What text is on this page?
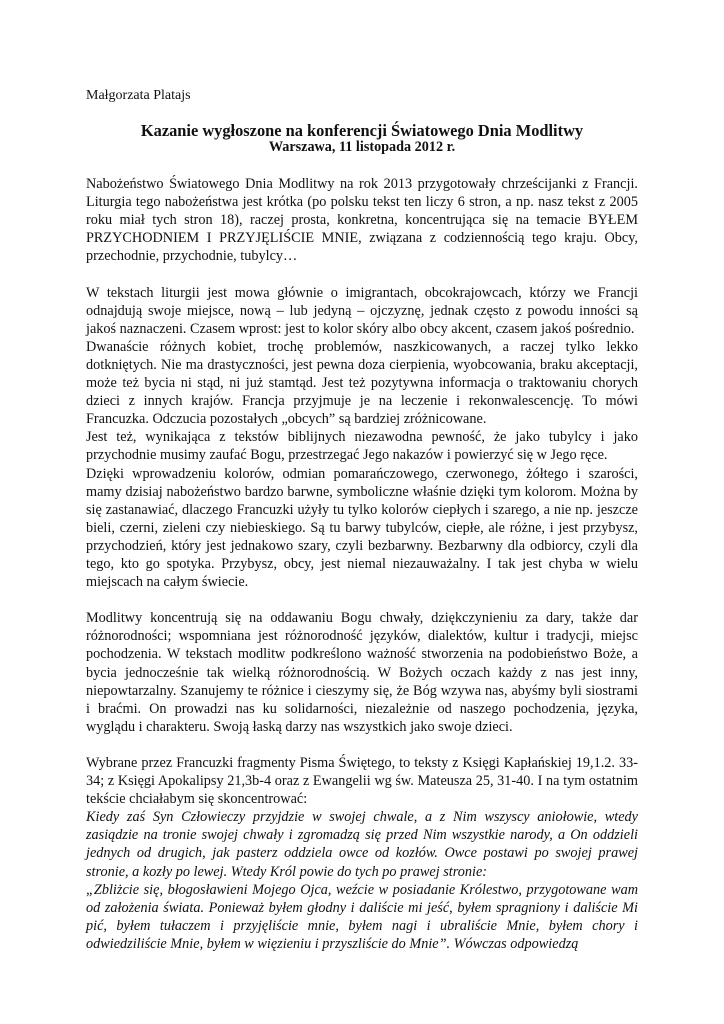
Małgorzata Platajs
Kazanie wygłoszone na konferencji Światowego Dnia Modlitwy
Warszawa, 11 listopada 2012 r.

Nabożeństwo Światowego Dnia Modlitwy na rok 2013 przygotowały chrześcijanki z Francji. Liturgia tego nabożeństwa jest krótka (po polsku tekst ten liczy 6 stron, a np. nasz tekst z 2005 roku miał tych stron 18), raczej prosta, konkretna, koncentrująca się na temacie BYŁEM PRZYCHODNIEM I PRZYJĘLIŚCIE MNIE, związana z codziennością tego kraju. Obcy, przechodnie, przychodnie, tubylcy…

W tekstach liturgii jest mowa głównie o imigrantach, obcokrajowcach, którzy we Francji odnajdują swoje miejsce, nową – lub jedyną – ojczyznę, jednak często z powodu inności są jakoś naznaczeni. Czasem wprost: jest to kolor skóry albo obcy akcent, czasem jakoś pośrednio.

Dwanaście różnych kobiet, trochę problemów, naszkicowanych, a raczej tylko lekko dotkniętych. Nie ma drastyczności, jest pewna doza cierpienia, wyobcowania, braku akceptacji, może też bycia ni stąd, ni już stamtąd. Jest też pozytywna informacja o traktowaniu chorych dzieci z innych krajów. Francja przyjmuje je na leczenie i rekonwalescencję. To mówi Francuzka. Odczucia pozostałych „obcych” są bardziej zróżnicowane.

Jest też, wynikająca z tekstów biblijnych niezawodna pewność, że jako tubylcy i jako przychodnie musimy zaufać Bogu, przestrzegać Jego nakazów i powierzyć się w Jego ręce.

Dzięki wprowadzeniu kolorów, odmian pomarańczowego, czerwonego, żółtego i szarości, mamy dzisiaj nabożeństwo bardzo barwne, symboliczne właśnie dzięki tym kolorom. Można by się zastanawiać, dlaczego Francuzki użyły tu tylko kolorów ciepłych i szarego, a nie np. jeszcze bieli, czerni, zieleni czy niebieskiego. Są tu barwy tubylców, ciepłe, ale różne, i jest przybysz, przychodzień, który jest jednakowo szary, czyli bezbarwny. Bezbarwny dla odbiorcy, czyli dla tego, kto go spotyka. Przybysz, obcy, jest niemal niezauważalny. I tak jest chyba w wielu miejscach na całym świecie.

Modlitwy koncentrują się na oddawaniu Bogu chwały, dziękczynieniu za dary, także dar różnorodności; wspomniana jest różnorodność języków, dialektów, kultur i tradycji, miejsc pochodzenia. W tekstach modlitw podkreślono ważność stworzenia na podobieństwo Boże, a bycia jednocześnie tak wielką różnorodnością. W Bożych oczach każdy z nas jest inny, niepowtarzalny. Szanujemy te różnice i cieszymy się, że Bóg wzywa nas, abyśmy byli siostrami i braćmi. On prowadzi nas ku solidarności, niezależnie od naszego pochodzenia, języka, wyglądu i charakteru. Swoją łaską darzy nas wszystkich jako swoje dzieci.

Wybrane przez Francuzki fragmenty Pisma Świętego, to teksty z Księgi Kapłańskiej 19,1.2. 33-34; z Księgi Apokalipsy 21,3b-4 oraz z Ewangelii wg św. Mateusza 25, 31-40. I na tym ostatnim tekście chciałabym się skoncentrować:

Kiedy zaś Syn Człowieczy przyjdzie w swojej chwale, a z Nim wszyscy aniołowie, wtedy zasiądzie na tronie swojej chwały i zgromadzą się przed Nim wszystkie narody, a On oddzieli jednych od drugich, jak pasterz oddziela owce od kozłów. Owce postawi po swojej prawej stronie, a kozły po lewej. Wtedy Król powie do tych po prawej stronie:

„Zbliżcie się, błogosławieni Mojego Ojca, weźcie w posiadanie Królestwo, przygotowane wam od założenia świata. Ponieważ byłem głodny i daliście mi jeść, byłem spragniony i daliście Mi pić, byłem tułaczem i przyjęliście mnie, byłem nagi i ubraliście Mnie, byłem chory i odwiedziliście Mnie, byłem w więzieniu i przyszliście do Mnie”. Wówczas odpowiedzą
